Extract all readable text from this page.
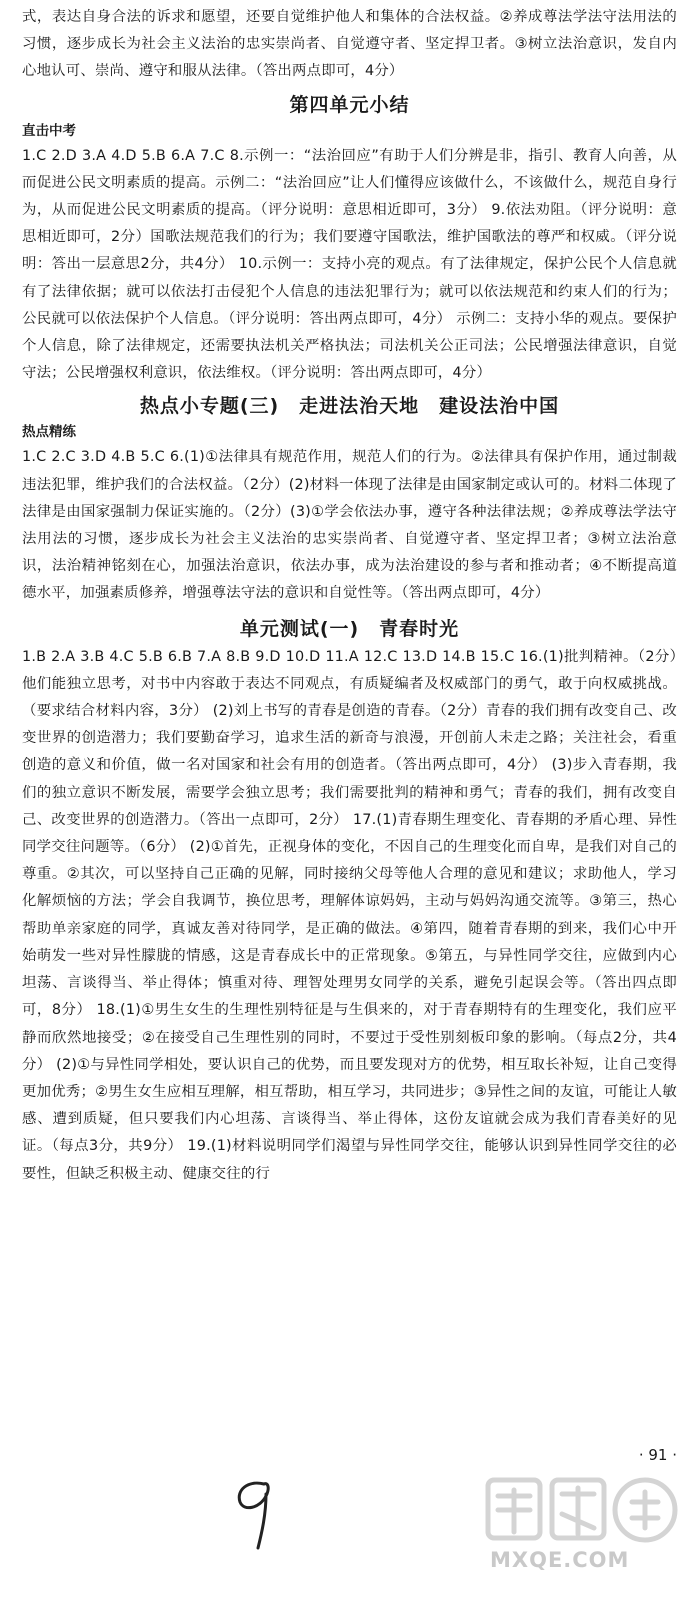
式，表达自身合法的诉求和愿望，还要自觉维护他人和集体的合法权益。②养成尊法学法守法用法的习惯，逐步成长为社会主义法治的忠实崇尚者、自觉遵守者、坚定捍卫者。③树立法治意识，发自内心地认可、崇尚、遵守和服从法律。（答出两点即可，4分）

第四单元小结
直击中考

1.C 2.D 3.A 4.D 5.B 6.A 7.C 8.示例一：“法治回应”有助于人们分辨是非，指引、教育人向善，从而促进公民文明素质的提高。示例二：“法治回应”让人们懂得应该做什么，不该做什么，规范自身行为，从而促进公民文明素质的提高。（评分说明：意思相近即可，3分） 9.依法劝阻。（评分说明：意思相近即可，2分）国歌法规范我们的行为；我们要遵守国歌法，维护国歌法的尊严和权威。（评分说明：答出一层意思2分，共4分） 10.示例一：支持小亮的观点。有了法律规定，保护公民个人信息就有了法律依据；就可以依法打击侵犯个人信息的违法犯罪行为；就可以依法规范和约束人们的行为；公民就可以依法保护个人信息。（评分说明：答出两点即可，4分） 示例二：支持小华的观点。要保护个人信息，除了法律规定，还需要执法机关严格执法；司法机关公正司法；公民增强法律意识，自觉守法；公民增强权利意识，依法维权。（评分说明：答出两点即可，4分）

热点小专题(三)　走进法治天地　建设法治中国
热点精练

1.C 2.C 3.D 4.B 5.C 6.(1)①法律具有规范作用，规范人们的行为。②法律具有保护作用，通过制裁违法犯罪，维护我们的合法权益。（2分）(2)材料一体现了法律是由国家制定或认可的。材料二体现了法律是由国家强制力保证实施的。（2分）(3)①学会依法办事，遵守各种法律法规；②养成尊法学法守法用法的习惯，逐步成长为社会主义法治的忠实崇尚者、自觉遵守者、坚定捍卫者；③树立法治意识，法治精神铭刻在心，加强法治意识，依法办事，成为法治建设的参与者和推动者；④不断提高道德水平，加强素质修养，增强尊法守法的意识和自觉性等。（答出两点即可，4分）

单元测试(一)　青春时光

1.B 2.A 3.B 4.C 5.B 6.B 7.A 8.B 9.D 10.D 11.A 12.C 13.D 14.B 15.C 16.(1)批判精神。（2分）他们能独立思考，对书中内容敢于表达不同观点，有质疑编者及权威部门的勇气，敢于向权威挑战。（要求结合材料内容，3分） (2)刘上书写的青春是创造的青春。（2分）青春的我们拥有改变自己、改变世界的创造潜力；我们要勤奋学习，追求生活的新奇与浪漫，开创前人未走之路；关注社会，看重创造的意义和价值，做一名对国家和社会有用的创造者。（答出两点即可，4分） (3)步入青春期，我们的独立意识不断发展，需要学会独立思考；我们需要批判的精神和勇气；青春的我们，拥有改变自己、改变世界的创造潜力。（答出一点即可，2分） 17.(1)青春期生理变化、青春期的矛盾心理、异性同学交往问题等。（6分） (2)①首先，正视身体的变化，不因自己的生理变化而自卑，是我们对自己的尊重。②其次，可以坚持自己正确的见解，同时接纳父母等他人合理的意见和建议；求助他人，学习化解烦恼的方法；学会自我调节，换位思考，理解体谅妈妈，主动与妈妈沟通交流等。③第三，热心帮助单亲家庭的同学，真诚友善对待同学，是正确的做法。④第四，随着青春期的到来，我们心中开始萌发一些对异性朦胧的情感，这是青春成长中的正常现象。⑤第五，与异性同学交往，应做到内心坦荡、言谈得当、举止得体；慎重对待、理智处理男女同学的关系，避免引起误会等。（答出四点即可，8分） 18.(1)①男生女生的生理性别特征是与生俱来的，对于青春期特有的生理变化，我们应平静而欣然地接受；②在接受自己生理性别的同时，不要过于受性别刻板印象的影响。（每点2分，共4分） (2)①与异性同学相处，要认识自己的优势，而且要发现对方的优势，相互取长补短，让自己变得更加优秀；②男生女生应相互理解，相互帮助，相互学习，共同进步；③异性之间的友谊，可能让人敏感、遭到质疑，但只要我们内心坦荡、言谈得当、举止得体，这份友谊就会成为我们青春美好的见证。（每点3分，共9分） 19.(1)材料说明同学们渴望与异性同学交往，能够认识到异性同学交往的必要性，但缺乏积极主动、健康交往的行

· 91 ·
MXQE.COM
